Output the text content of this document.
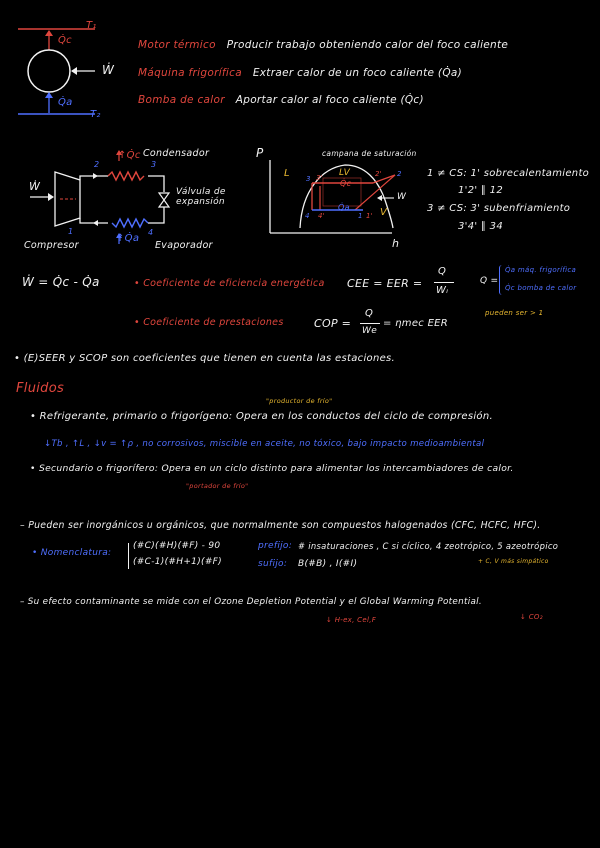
T₁
Q̇c
Ẇ
Q̇a
T₂
Motor térmico Producir trabajo obteniendo calor del foco caliente
Máquina frigorífica Extraer calor de un foco caliente (Q̇a)
Bomba de calor Aportar calor al foco caliente (Q̇c)
Ẇ
2	3
1	4
↑Q̇c Condensador
Válvula de expansión
↑Q̇a
Evaporador
Compresor
P
h
campana de saturación
L	LV
V
Q̇c
Q̇a
W
3 3'	2' 2
4 4'	1 1'
1 ≠ CS: 1' sobrecalentamiento
1'2' ∥ 12
3 ≠ CS: 3' subenfriamiento
3'4' ∥ 34
Ẇ = Q̇c - Q̇a	• Coeficiente de eficiencia energética CEE = EER =
Q
Wᵢ
Q =
Q̇a máq. frigorífica
Q̇c bomba de calor
pueden ser > 1
• Coeficiente de prestaciones	COP =
Q
We
= ηmec EER
• (E)SEER y SCOP son coeficientes que tienen en cuenta las estaciones.
Fluidos
"productor de frío"
• Refrigerante, primario o frigorígeno: Opera en los conductos del ciclo de compresión.
↓Tb , ↑L , ↓v = ↑ρ , no corrosivos, miscible en aceite, no tóxico, bajo impacto medioambiental
• Secundario o frigorífero: Opera en un ciclo distinto para alimentar los intercambiadores de calor.
"portador de frío"
– Pueden ser inorgánicos u orgánicos, que normalmente son compuestos halogenados (CFC, HCFC, HFC).
• Nomenclatura:
(#C)(#H)(#F) - 90
(#C-1)(#H+1)(#F)
prefijo: # insaturaciones , C si cíclico, 4 zeotrópico, 5 azeotrópico
sufijo: B(#B) , I(#I)	+ C, V más simpático
– Su efecto contaminante se mide con el Ozone Depletion Potential y el Global Warming Potential.
↓ H-ex, Cel,F	↓ CO₂
